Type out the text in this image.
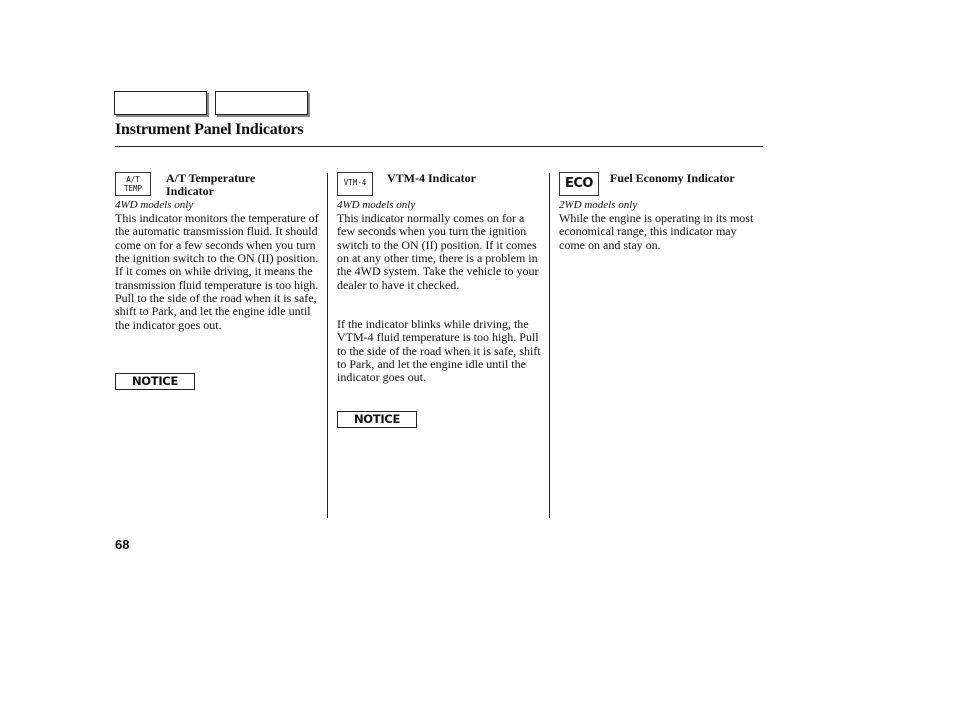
Instrument Panel Indicators
A/T
TEMP
A/T Temperature Indicator
4WD models only

This indicator monitors the temperature of the automatic transmission fluid. It should come on for a few seconds when you turn the ignition switch to the ON (II) position. If it comes on while driving, it means the transmission fluid temperature is too high. Pull to the side of the road when it is safe, shift to Park, and let the engine idle until the indicator goes out.

NOTICE
VTM-4	VTM-4 Indicator
4WD models only

This indicator normally comes on for a few seconds when you turn the ignition switch to the ON (II) position. If it comes on at any other time, there is a problem in the 4WD system. Take the vehicle to your dealer to have it checked.

If the indicator blinks while driving, the VTM-4 fluid temperature is too high. Pull to the side of the road when it is safe, shift to Park, and let the engine idle until the indicator goes out.

NOTICE
ECO	Fuel Economy Indicator
2WD models only

While the engine is operating in its most economical range, this indicator may come on and stay on.

68
